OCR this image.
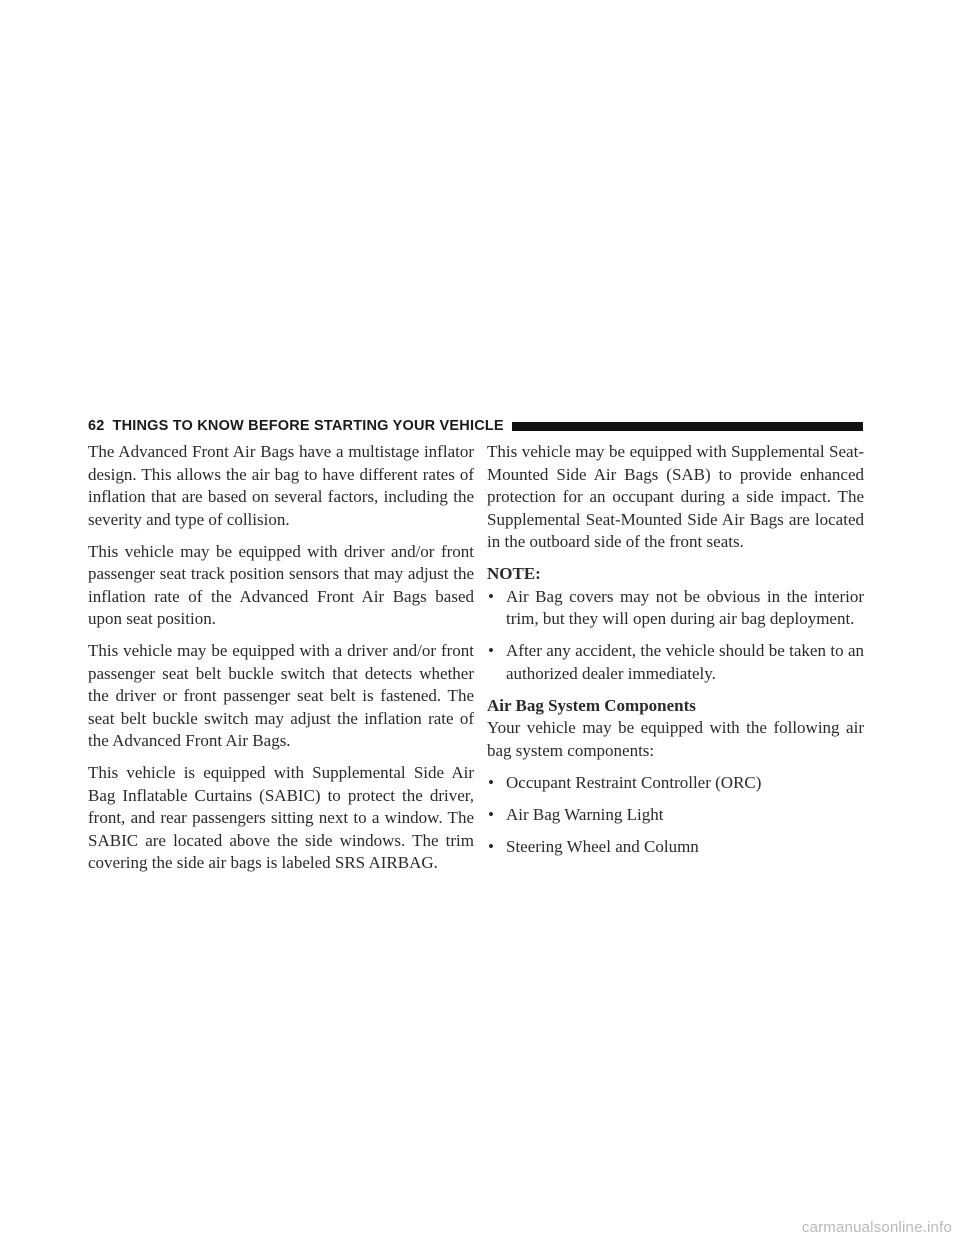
62 THINGS TO KNOW BEFORE STARTING YOUR VEHICLE

The Advanced Front Air Bags have a multistage inflator design. This allows the air bag to have different rates of inflation that are based on several factors, including the severity and type of collision.

This vehicle may be equipped with driver and/or front passenger seat track position sensors that may adjust the inflation rate of the Advanced Front Air Bags based upon seat position.

This vehicle may be equipped with a driver and/or front passenger seat belt buckle switch that detects whether the driver or front passenger seat belt is fastened. The seat belt buckle switch may adjust the inflation rate of the Advanced Front Air Bags.

This vehicle is equipped with Supplemental Side Air Bag Inflatable Curtains (SABIC) to protect the driver, front, and rear passengers sitting next to a window. The SABIC are located above the side windows. The trim covering the side air bags is labeled SRS AIRBAG.

This vehicle may be equipped with Supplemental Seat-Mounted Side Air Bags (SAB) to provide enhanced protection for an occupant during a side impact. The Supplemental Seat-Mounted Side Air Bags are located in the outboard side of the front seats.

NOTE:

• Air Bag covers may not be obvious in the interior trim, but they will open during air bag deployment.
• After any accident, the vehicle should be taken to an authorized dealer immediately.

Air Bag System Components

Your vehicle may be equipped with the following air bag system components:

• Occupant Restraint Controller (ORC)
• Air Bag Warning Light
• Steering Wheel and Column
carmanualsonline.info
